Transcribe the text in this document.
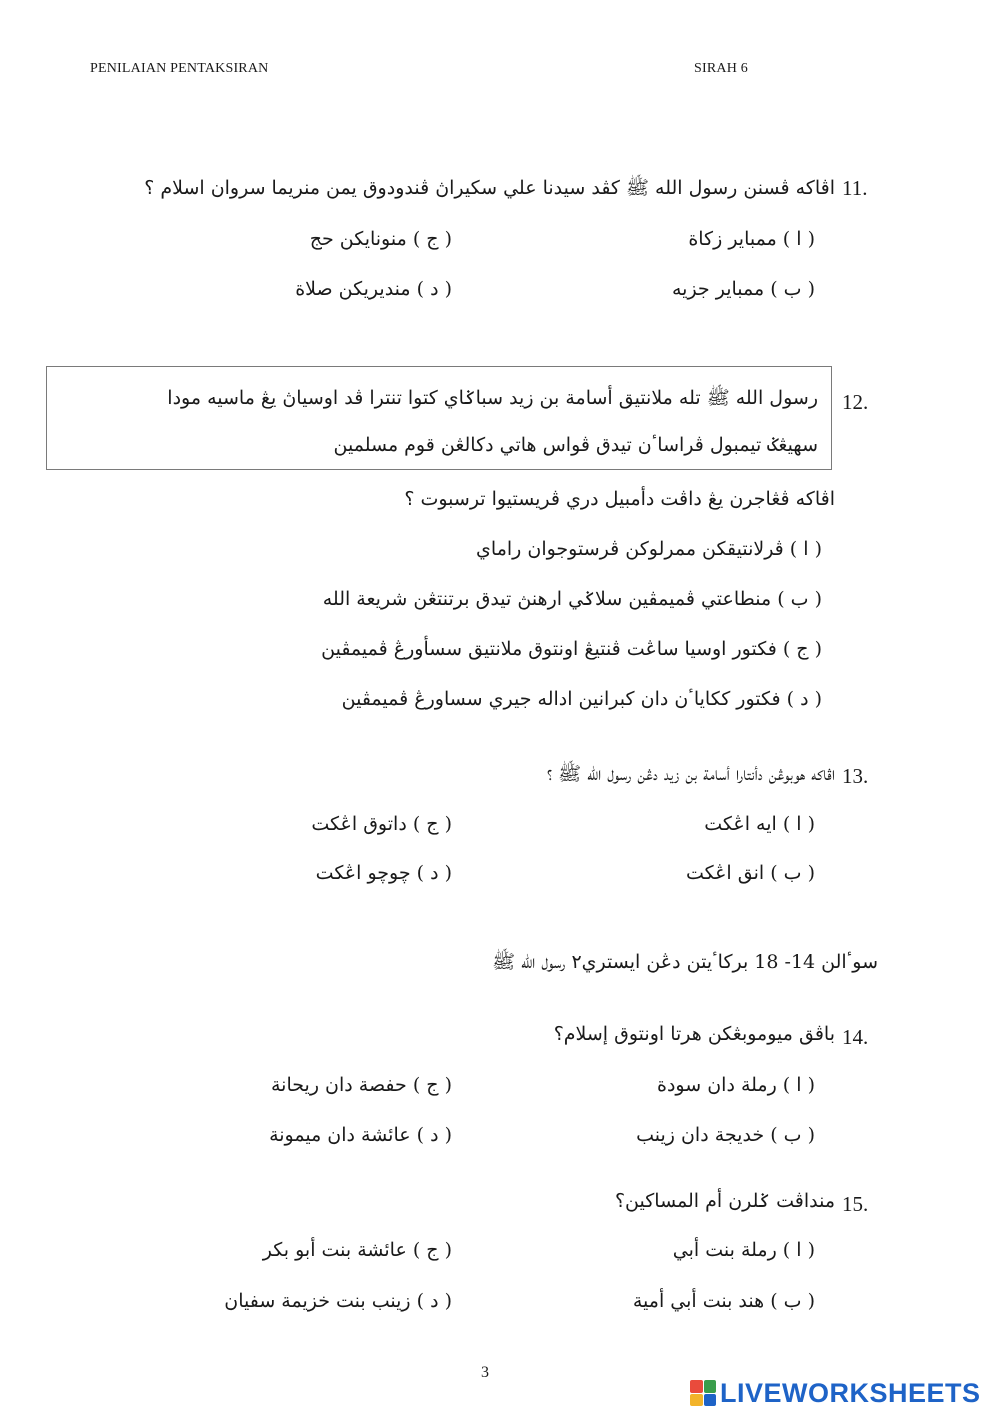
PENILAIAN PENTAKSIRAN	SIRAH 6
11.
اڤاكه ڤسنن رسول الله ﷺ كڤد سيدنا علي سكيراڽ ڤندودوق يمن منريما سروان اسلام ؟
( ا ) ممباير زكاة
( ج ) منونايكن حج
( ب ) ممباير جزيه
( د ) منديريكن صلاة
12.
رسول الله ﷺ تله ملانتيق أسامة بن زيد سباݢاي كتوا تنترا ڤد اوسياڽ يڠ ماسيه مودا
سهيڠݢ تيمبول ڤراساٴن تيدق ڤواس هاتي دكالڠن قوم مسلمين
اڤاكه ڤڠاجرن يڠ داڤت دأمبيل دري ڤريستيوا ترسبوت ؟
( ا ) ڤرلانتيقكن ممرلوكن ڤرستوجوان راماي
( ب ) منطاعتي ڤميمڤين سلاݢي ارهنڽ تيدق برتنتڠن شريعة الله
( ج ) فكتور اوسيا ساڠت ڤنتيڠ اونتوق ملانتيق سسأورڠ ڤميمڤين
( د ) فكتور ككاياٴن دان كبرانين اداله جيري سساورڠ ڤميمڤين
13.
اڤاكه هوبوڠن دأنتارا أسامة بن زيد دڠن رسول الله ﷺ ؟
( ا ) ايه اڠكت
( ج ) داتوق اڠكت
( ب ) انق اڠكت
( د ) چوچو اڠكت
سوٴالن 14- 18 بركاٴيتن دڠن ايستري٢ رسول الله ﷺ
14.
باڤق ميوموبڠكن هرتا اونتوق إسلام؟
( ا ) رملة دان سودة
( ج ) حفصة دان ريحانة
( ب ) خديجة دان زينب
( د ) عائشة دان ميمونة
15.
منداڤت ݢلرن أم المساكين؟
( ا ) رملة بنت أبي
( ج ) عائشة بنت أبو بكر
( ب ) هند بنت أبي أمية
( د ) زينب بنت خزيمة سفيان
3
LIVEWORKSHEETS
